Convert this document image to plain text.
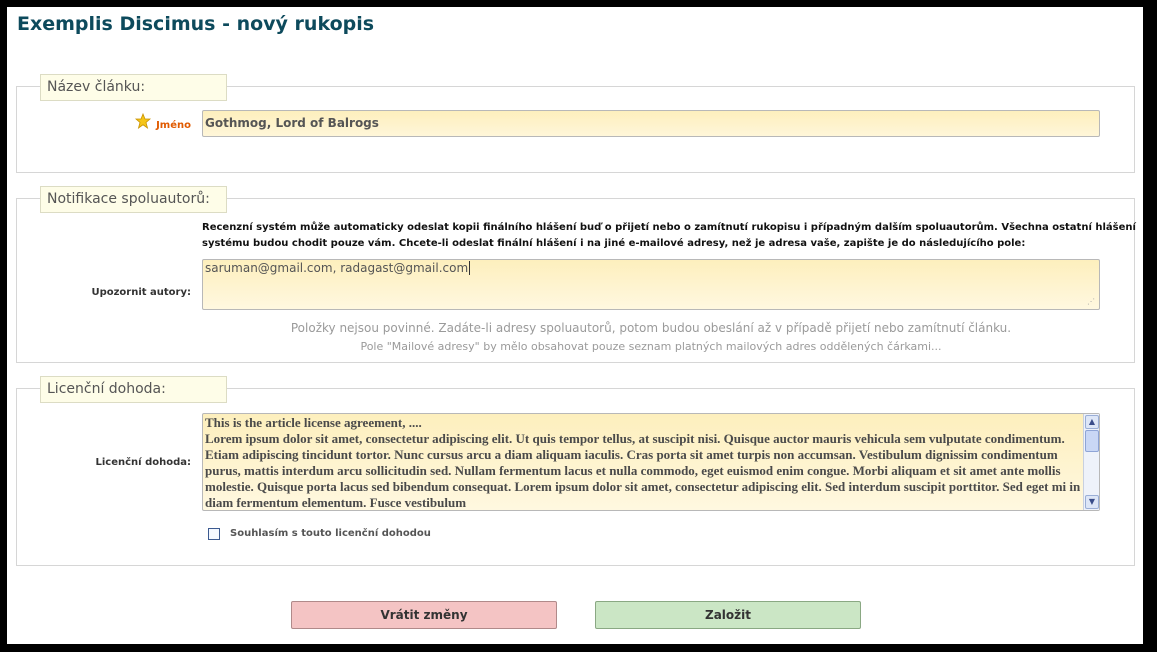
Exemplis Discimus - nový rukopis
Název článku:
Jméno Gothmog, Lord of Balrogs
Notifikace spoluautorů:
Recenzní systém může automaticky odeslat kopii finálního hlášení buď o přijetí nebo o zamítnutí rukopisu i případným dalším spoluautorům. Všechna ostatní hlášení
systému budou chodit pouze vám. Chcete-li odeslat finální hlášení i na jiné e-mailové adresy, než je adresa vaše, zapište je do následujícího pole:
Upozornit autory:
saruman@gmail.com, radagast@gmail.com
⋰
Položky nejsou povinné. Zadáte-li adresy spoluautorů, potom budou obeslání až v případě přijetí nebo zamítnutí článku.
Pole "Mailové adresy" by mělo obsahovat pouze seznam platných mailových adres oddělených čárkami...
Licenční dohoda:
Licenční dohoda:
This is the article license agreement, ....
Lorem ipsum dolor sit amet, consectetur adipiscing elit. Ut quis tempor tellus, at suscipit nisi. Quisque auctor mauris vehicula sem vulputate condimentum. Etiam adipiscing tincidunt tortor. Nunc cursus arcu a diam aliquam iaculis. Cras porta sit amet turpis non accumsan. Vestibulum dignissim condimentum purus, mattis interdum arcu sollicitudin sed. Nullam fermentum lacus et nulla commodo, eget euismod enim congue. Morbi aliquam et sit amet ante mollis molestie. Quisque porta lacus sed bibendum consequat. Lorem ipsum dolor sit amet, consectetur adipiscing elit. Sed interdum suscipit porttitor. Sed eget mi in diam fermentum elementum. Fusce vestibulum
▲
▼
Souhlasím s touto licenční dohodou
Vrátit změny	Založit
